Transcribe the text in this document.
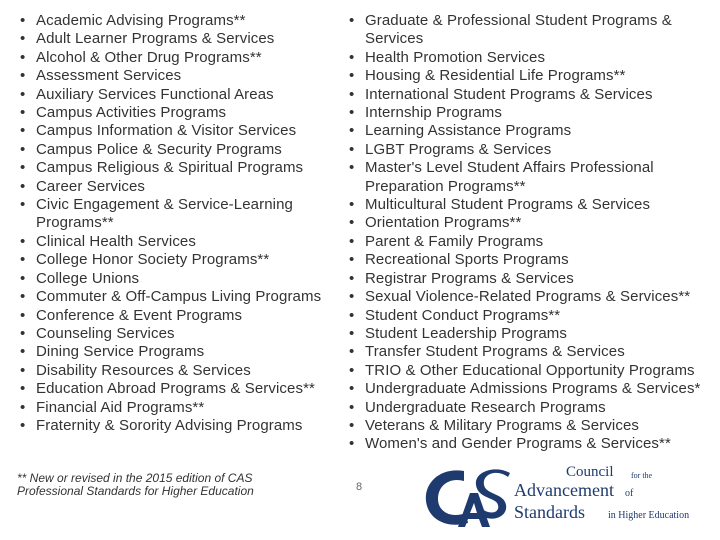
• Academic Advising Programs**
• Adult Learner Programs & Services
• Alcohol & Other Drug Programs**
• Assessment Services
• Auxiliary Services Functional Areas
• Campus Activities Programs
• Campus Information & Visitor Services
• Campus Police & Security Programs
• Campus Religious & Spiritual Programs
• Career Services
• Civic Engagement & Service-Learning Programs**
• Clinical Health Services
• College Honor Society Programs**
• College Unions
• Commuter & Off-Campus Living Programs
• Conference & Event Programs
• Counseling Services
• Dining Service Programs
• Disability Resources & Services
• Education Abroad Programs & Services**
• Financial Aid Programs**
• Fraternity & Sorority Advising Programs
• Graduate & Professional Student Programs & Services
• Health Promotion Services
• Housing & Residential Life Programs**
• International Student Programs & Services
• Internship Programs
• Learning Assistance Programs
• LGBT Programs & Services
• Master's Level Student Affairs Professional Preparation Programs**
• Multicultural Student Programs & Services
• Orientation Programs**
• Parent & Family Programs
• Recreational Sports Programs
• Registrar Programs & Services
• Sexual Violence-Related Programs & Services**
• Student Conduct Programs**
• Student Leadership Programs
• Transfer Student Programs & Services
• TRIO & Other Educational Opportunity Programs
• Undergraduate Admissions Programs & Services*
• Undergraduate Research Programs
• Veterans & Military Programs & Services
• Women's and Gender Programs & Services**
** New or revised in the 2015 edition of CAS Professional Standards for Higher Education	8
Council for the
Advancement of
Standards in Higher Education
